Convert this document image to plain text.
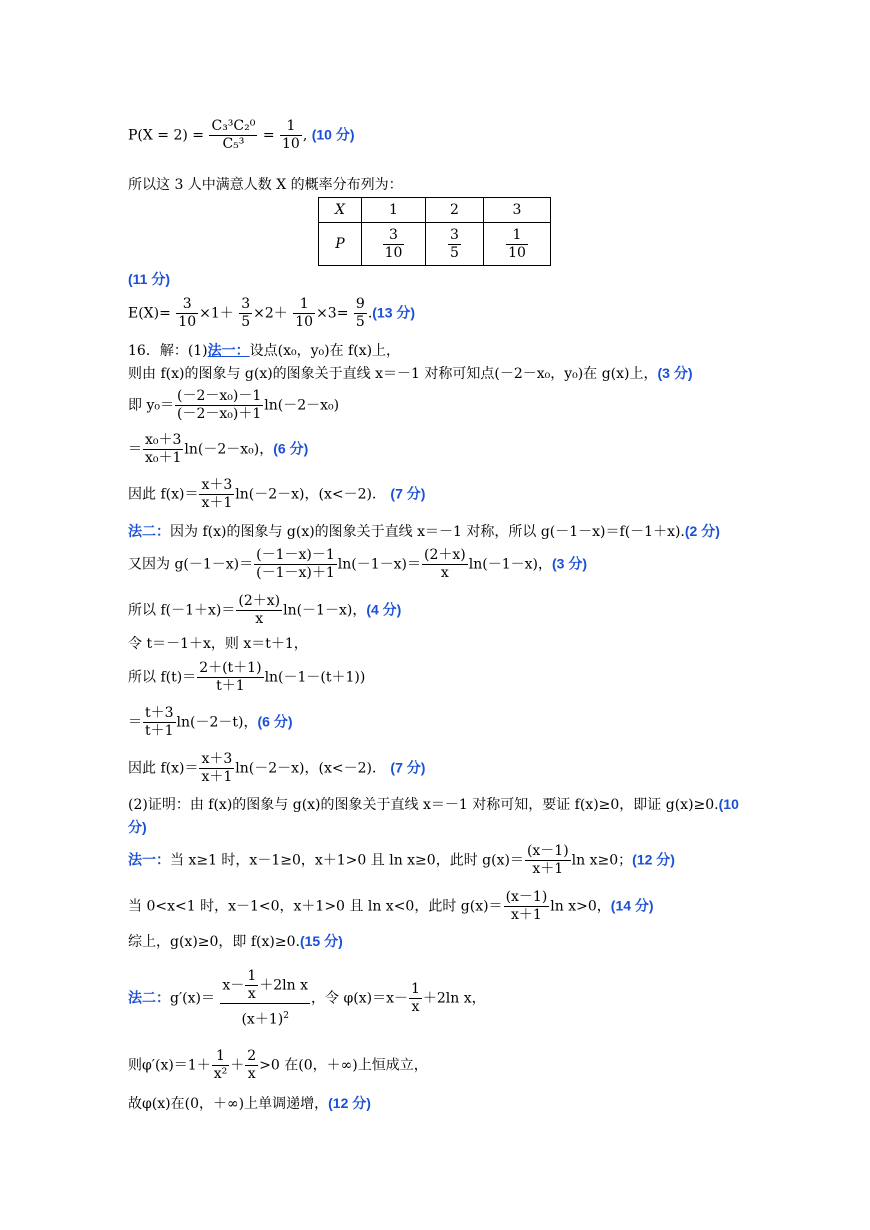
$P(X = 2) = \frac{\text{C₃³C₂⁰}}{\text{C₅³}} = \frac{1}{10}$ , (10 分)
所以这 3 人中满意人数 X 的概率分布列为：
X	1	2	3
P	$\frac{3}{10}$	$\frac{3}{5}$	$\frac{1}{10}$
(11 分)
$E(X)= \frac{3}{10} \times 1+ \frac{3}{5} \times 2+ \frac{1}{10} \times 3= \frac{9}{5} .(13$ 分)
16．解：(1)法一：设点(x₀，y₀)在 f(x)上，
则由 f(x)的图象与 g(x)的图象关于直线 x＝－1 对称可知点(－2－x₀，y₀)在 g(x)上，(3 分)
即 $y_0= \frac{\text{(－2－x₀)－1}}{\text{(－2－x₀)＋1}} \ln(-2-x_0)$
＝ $\frac{\text{x₀＋3}}{\text{x₀＋1}} \ln(-2-x_0)$，(6 分)
因此 $f(x)= \frac{x+3}{x+1} \ln(-2-x)$，(x<－2)． (7 分)
法二：因为 f(x)的图象与 g(x)的图象关于直线 x＝－1 对称，所以 g(－1－x)＝f(－1＋x).(2 分)
又因为 $g(-1-x)= \frac{(-1-x)-1}{(-1-x)+1} \ln(-1-x)= \frac{(2+x)}{x} \ln(-1-x)$，(3 分)
所以 $f(-1+x)= \frac{(2+x)}{x} \ln(-1-x)$，(4 分)
令 t＝－1＋x，则 x＝t＋1，
所以 $f(t)= \frac{2+(t+1)}{t+1} \ln(-1-(t+1))$
＝ $\frac{t+3}{t+1} \ln(-2-t)$，(6 分)
因此 $f(x)= \frac{x+3}{x+1} \ln(-2-x)$，(x<－2)． (7 分)
(2)证明：由 f(x)的图象与 g(x)的图象关于直线 x＝－1 对称可知，要证 f(x)≥0，即证 g(x)≥0.(10
分)
法一：当 x≥1 时，x－1≥0，x＋1>0 且 ln x≥0，此时 $g(x)= \frac{(x-1)}{x+1}$ ln x≥0；(12 分)
当 0<x<1 时，x－1<0，x＋1>0 且 ln x<0，此时 $g(x)= \frac{(x-1)}{x+1}$ ln x>0，(14 分)
综上，g(x)≥0，即 f(x)≥0.(15 分)
法二：$g'(x)= \frac{x- \frac{1}{x} +2\ln x}{(x+1)^2}$ ，令 $\varphi(x)=x- \frac{1}{x} +2\ln$ x，
则$\varphi'(x)=1+ \frac{1}{\text{x²}} + \frac{2}{x} >0$ 在(0，＋∞)上恒成立，
故φ(x)在(0，＋∞)上单调递增，(12 分)
